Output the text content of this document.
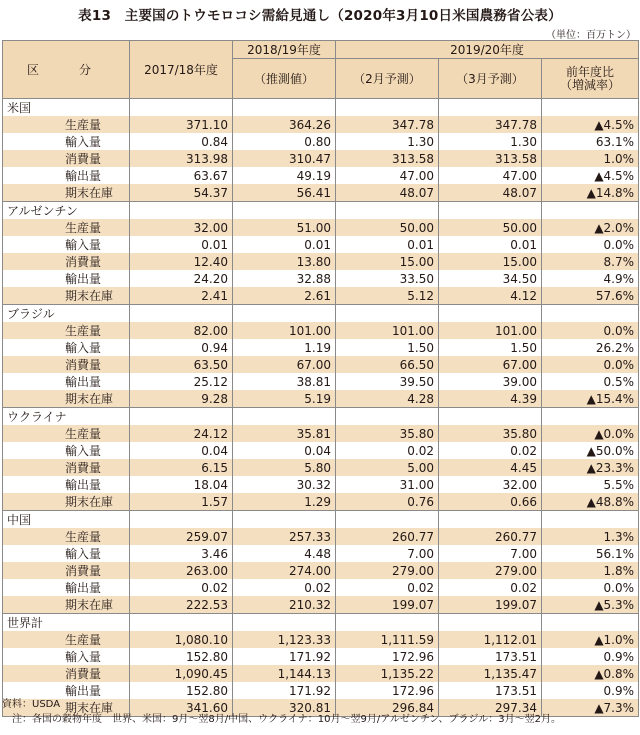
表13　主要国のトウモロコシ需給見通し（2020年3月10日米国農務省公表）
（単位：百万トン）
区　分	2017/18年度	2018/19年度	2019/20年度		
		（推測値）	（2月予測）	（3月予測）	前年度比
（増減率）
米国					
生産量	371.10	364.26	347.78	347.78	▲4.5%
輸入量	0.84	0.80	1.30	1.30	63.1%
消費量	313.98	310.47	313.58	313.58	1.0%
輸出量	63.67	49.19	47.00	47.00	▲4.5%
期末在庫	54.37	56.41	48.07	48.07	▲14.8%
アルゼンチン					
生産量	32.00	51.00	50.00	50.00	▲2.0%
輸入量	0.01	0.01	0.01	0.01	0.0%
消費量	12.40	13.80	15.00	15.00	8.7%
輸出量	24.20	32.88	33.50	34.50	4.9%
期末在庫	2.41	2.61	5.12	4.12	57.6%
ブラジル					
生産量	82.00	101.00	101.00	101.00	0.0%
輸入量	0.94	1.19	1.50	1.50	26.2%
消費量	63.50	67.00	66.50	67.00	0.0%
輸出量	25.12	38.81	39.50	39.00	0.5%
期末在庫	9.28	5.19	4.28	4.39	▲15.4%
ウクライナ					
生産量	24.12	35.81	35.80	35.80	▲0.0%
輸入量	0.04	0.04	0.02	0.02	▲50.0%
消費量	6.15	5.80	5.00	4.45	▲23.3%
輸出量	18.04	30.32	31.00	32.00	5.5%
期末在庫	1.57	1.29	0.76	0.66	▲48.8%
中国					
生産量	259.07	257.33	260.77	260.77	1.3%
輸入量	3.46	4.48	7.00	7.00	56.1%
消費量	263.00	274.00	279.00	279.00	1.8%
輸出量	0.02	0.02	0.02	0.02	0.0%
期末在庫	222.53	210.32	199.07	199.07	▲5.3%
世界計					
生産量	1,080.10	1,123.33	1,111.59	1,112.01	▲1.0%
輸入量	152.80	171.92	172.96	173.51	0.9%
消費量	1,090.45	1,144.13	1,135.22	1,135.47	▲0.8%
輸出量	152.80	171.92	172.96	173.51	0.9%
期末在庫	341.60	320.81	296.84	297.34	▲7.3%
資料：USDA
注：各国の穀物年度　世界、米国：9月～翌8月/中国、ウクライナ：10月～翌9月/アルゼンチン、ブラジル：3月～翌2月。
